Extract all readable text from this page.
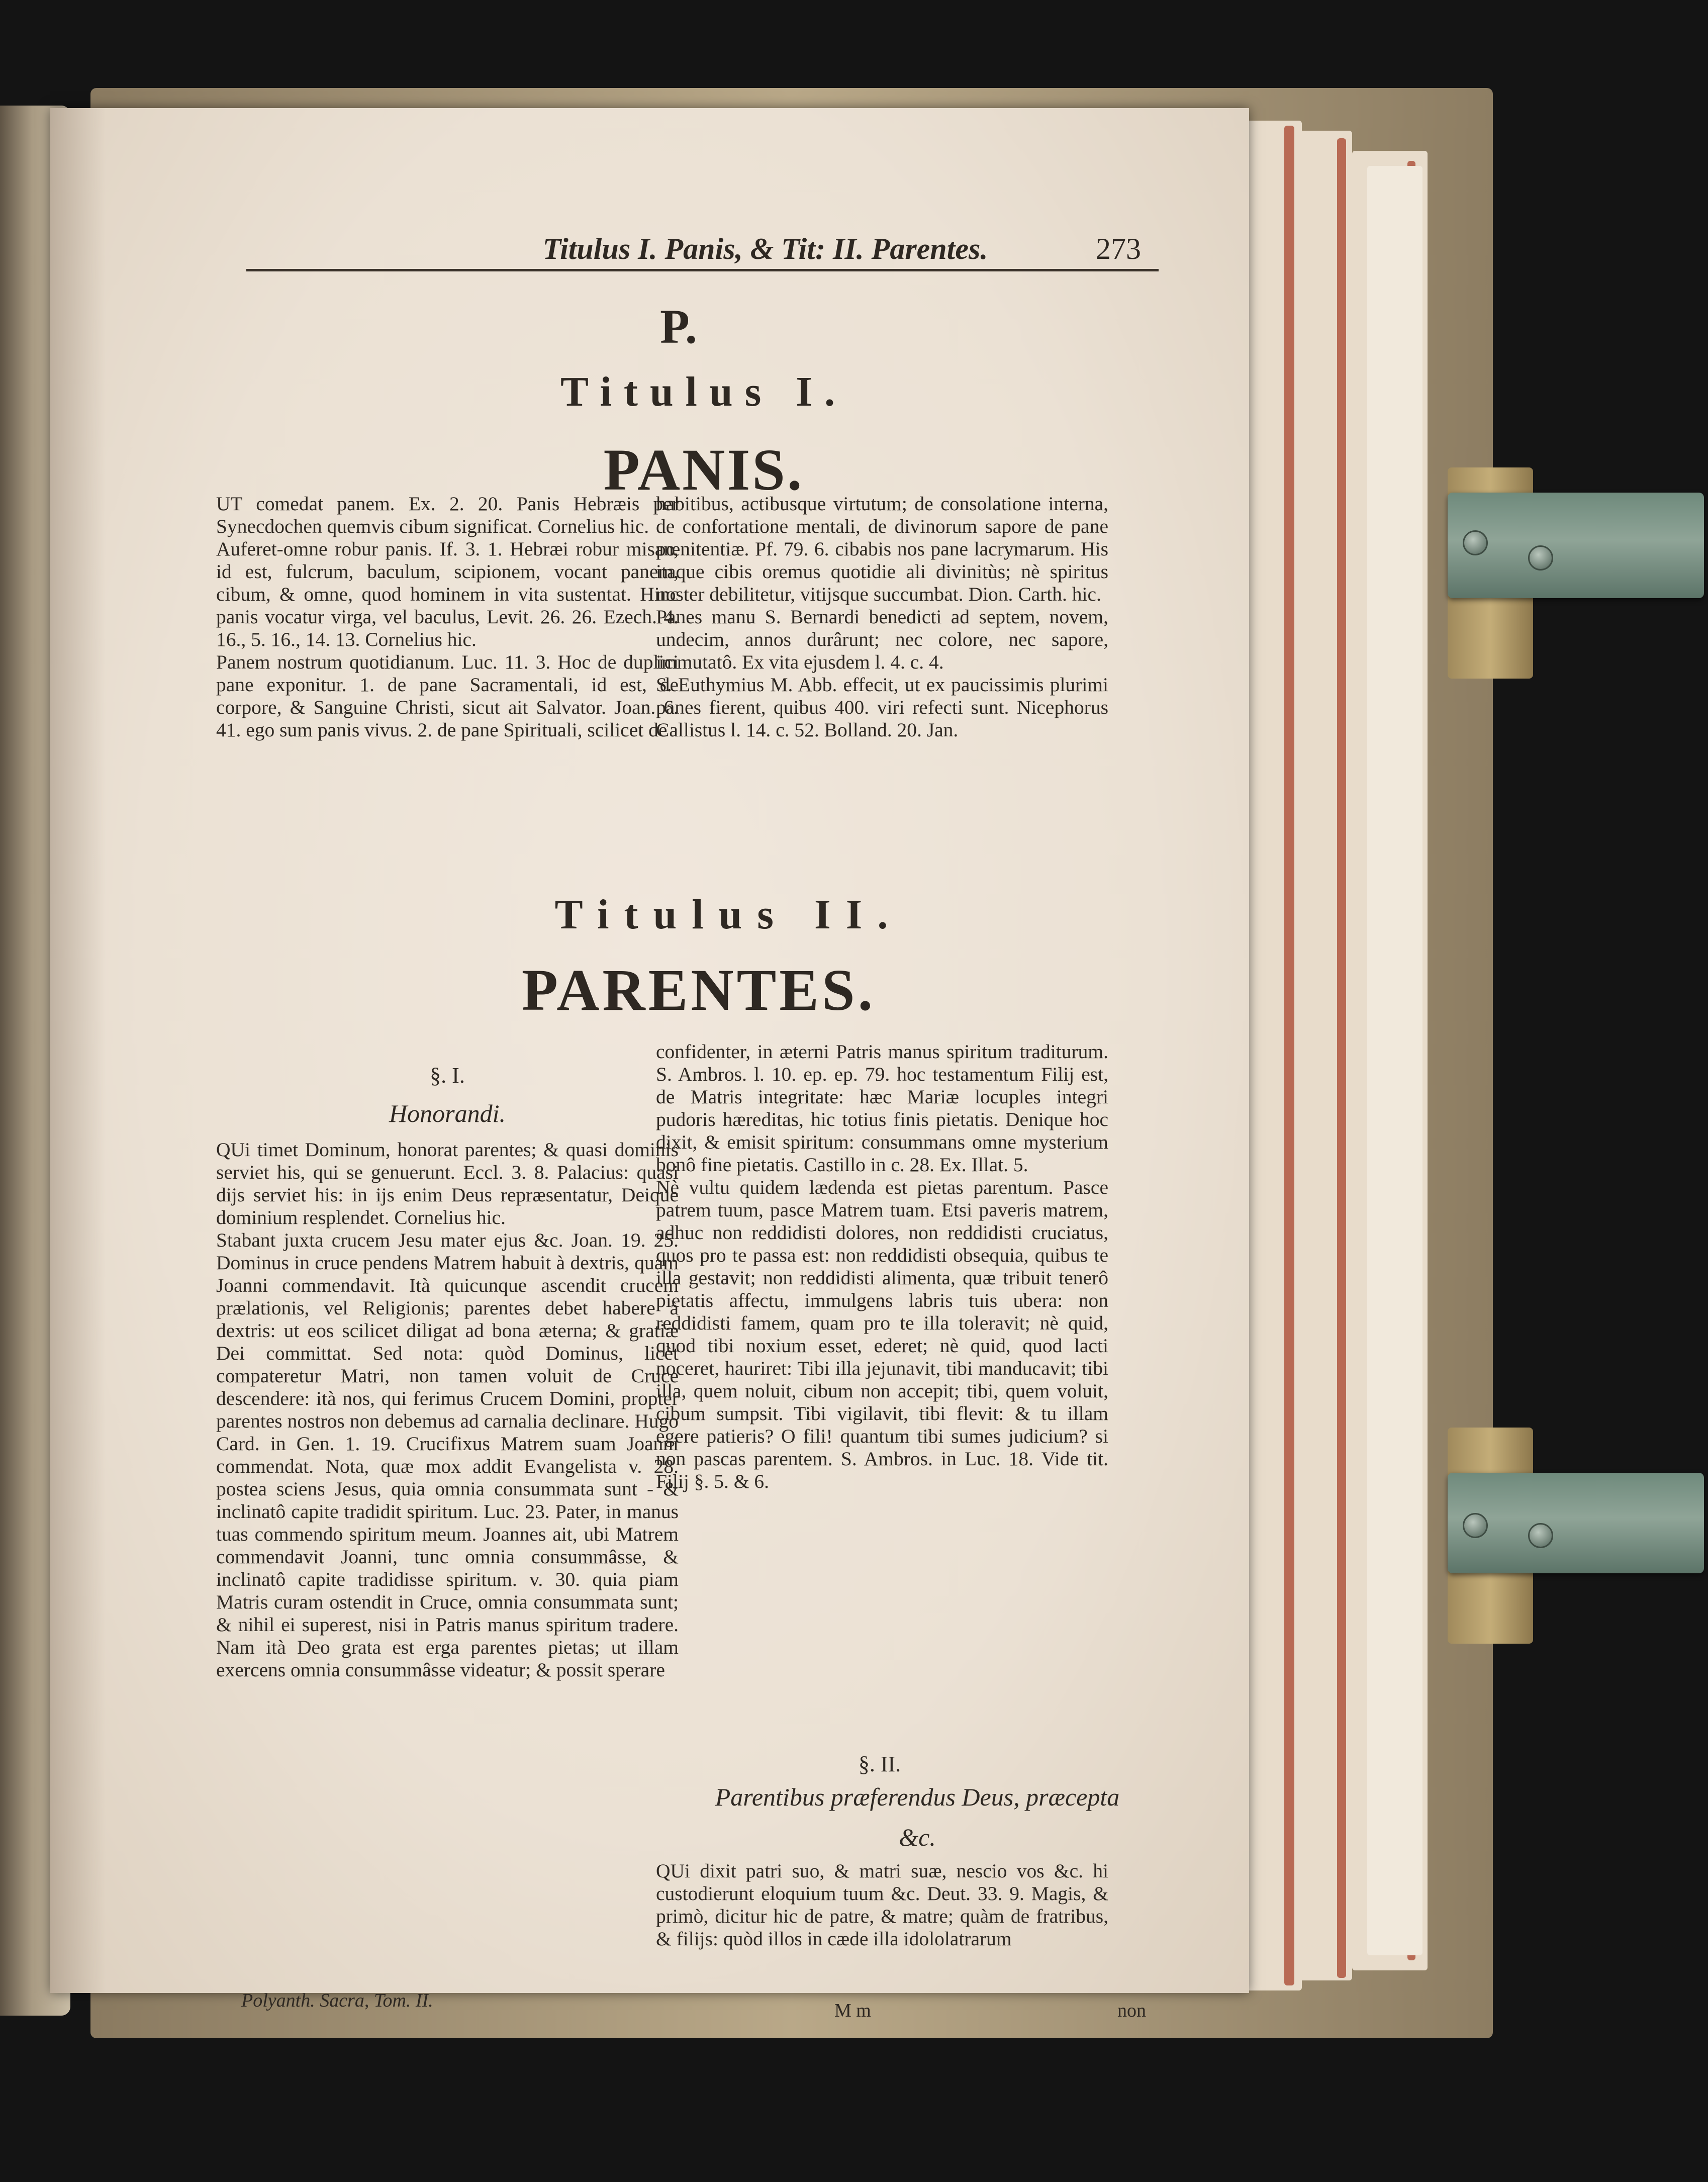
Titulus I. Panis, & Tit: II. Parentes.	273
P.
Titulus I.
PANIS.
UT comedat panem. Ex. 2. 20. Panis Hebræis per Synecdochen quemvis cibum significat. Cornelius hic.
Auferet-omne robur panis. If. 3. 1. Hebræi robur misan, id est, fulcrum, baculum, scipionem, vocant panem, cibum, & omne, quod hominem in vita sustentat. Hinc panis vocatur virga, vel baculus, Levit. 26. 26. Ezech. 4. 16., 5. 16., 14. 13. Cornelius hic.
Panem nostrum quotidianum. Luc. 11. 3. Hoc de duplici pane exponitur. 1. de pane Sacramentali, id est, de corpore, & Sanguine Christi, sicut ait Salvator. Joan. 6. 41. ego sum panis vivus. 2. de pane Spirituali, scilicet de
habitibus, actibusque virtutum; de consolatione interna, de confortatione mentali, de divinorum sapore de pane pœnitentiæ. Pf. 79. 6. cibabis nos pane lacrymarum. His itaque cibis oremus quotidie ali divinitùs; nè spiritus noster debilitetur, vitijsque succumbat. Dion. Carth. hic.
Panes manu S. Bernardi benedicti ad septem, novem, undecim, annos durârunt; nec colore, nec sapore, immutatô. Ex vita ejusdem l. 4. c. 4.
S. Euthymius M. Abb. effecit, ut ex paucissimis plurimi panes fierent, quibus 400. viri refecti sunt. Nicephorus Callistus l. 14. c. 52. Bolland. 20. Jan.
Titulus II.
PARENTES.
§. I.
Honorandi.
QUi timet Dominum, honorat parentes; & quasi dominis serviet his, qui se genuerunt. Eccl. 3. 8. Palacius: quasi dijs serviet his: in ijs enim Deus repræsentatur, Deique dominium resplendet. Cornelius hic.
Stabant juxta crucem Jesu mater ejus &c. Joan. 19. 25. Dominus in cruce pendens Matrem habuit à dextris, quam Joanni commendavit. Ità quicunque ascendit crucem prælationis, vel Religionis; parentes debet habere à dextris: ut eos scilicet diligat ad bona æterna; & gratiæ Dei committat. Sed nota: quòd Dominus, licèt compateretur Matri, non tamen voluit de Cruce descendere: ità nos, qui ferimus Crucem Domini, propter parentes nostros non debemus ad carnalia declinare. Hugo Card. in Gen. 1. 19. Crucifixus Matrem suam Joanni commendat. Nota, quæ mox addit Evangelista v. 28. postea sciens Jesus, quia omnia consummata sunt - & inclinatô capite tradidit spiritum. Luc. 23. Pater, in manus tuas commendo spiritum meum. Joannes ait, ubi Matrem commendavit Joanni, tunc omnia consummâsse, & inclinatô capite tradidisse spiritum. v. 30. quia piam Matris curam ostendit in Cruce, omnia consummata sunt; & nihil ei superest, nisi in Patris manus spiritum tradere. Nam ità Deo grata est erga parentes pietas; ut illam exercens omnia consummâsse videatur; & possit sperare
confidenter, in æterni Patris manus spiritum traditurum. S. Ambros. l. 10. ep. ep. 79. hoc testamentum Filij est, de Matris integritate: hæc Mariæ locuples integri pudoris hæreditas, hic totius finis pietatis. Denique hoc dixit, & emisit spiritum: consummans omne mysterium bonô fine pietatis. Castillo in c. 28. Ex. Illat. 5.
Nè vultu quidem lædenda est pietas parentum. Pasce patrem tuum, pasce Matrem tuam. Etsi paveris matrem, adhuc non reddidisti dolores, non reddidisti cruciatus, quos pro te passa est: non reddidisti obsequia, quibus te illa gestavit; non reddidisti alimenta, quæ tribuit tenerô pietatis affectu, immulgens labris tuis ubera: non reddidisti famem, quam pro te illa toleravit; nè quid, quod tibi noxium esset, ederet; nè quid, quod lacti noceret, hauriret: Tibi illa jejunavit, tibi manducavit; tibi illa, quem noluit, cibum non accepit; tibi, quem voluit, cibum sumpsit. Tibi vigilavit, tibi flevit: & tu illam egere patieris? O fili! quantum tibi sumes judicium? si non pascas parentem. S. Ambros. in Luc. 18. Vide tit. Filij §. 5. & 6.
§. II.
Parentibus præferendus Deus, præcepta &c.
QUi dixit patri suo, & matri suæ, nescio vos &c. hi custodierunt eloquium tuum &c. Deut. 33. 9. Magis, & primò, dicitur hic de patre, & matre; quàm de fratribus, & filijs: quòd illos in cæde illa idololatrarum
Polyanth. Sacra, Tom. II.	M m	non
